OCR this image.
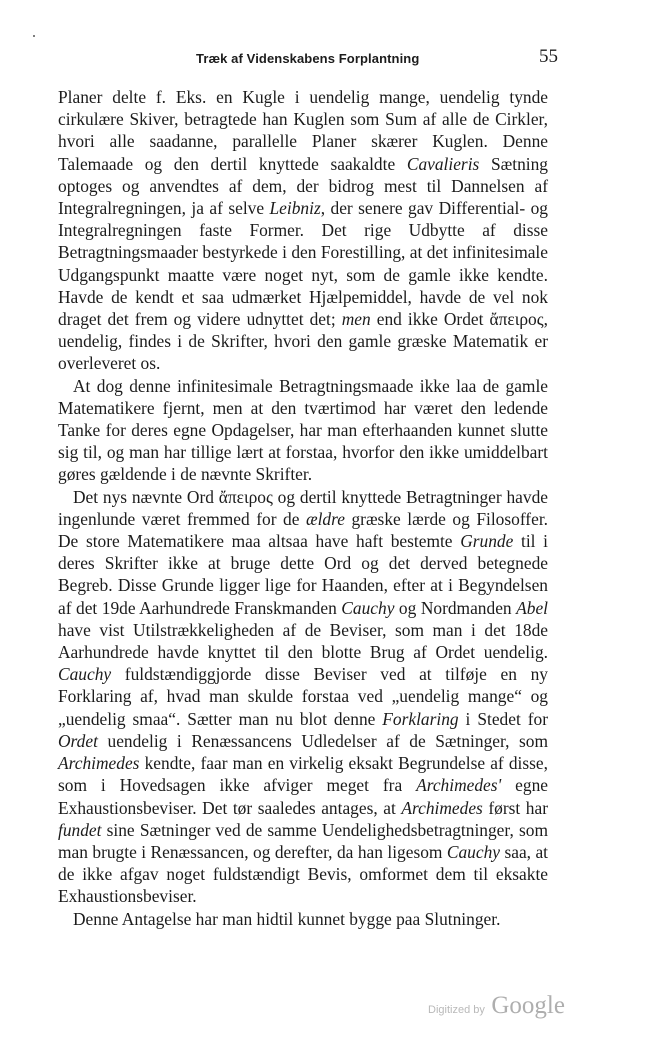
Træk af Videnskabens Forplantning	55

Planer delte f. Eks. en Kugle i uendelig mange, uendelig tynde cirkulære Skiver, betragtede han Kuglen som Sum af alle de Cirkler, hvori alle saadanne, parallelle Planer skærer Kuglen. Denne Talemaade og den dertil knyttede saakaldte Cavalieris Sætning optoges og anvendtes af dem, der bidrog mest til Dannelsen af Integralregningen, ja af selve Leibniz, der senere gav Differential- og Integralregningen faste Former. Det rige Udbytte af disse Betragtningsmaader bestyrkede i den Forestilling, at det infinitesimale Udgangspunkt maatte være noget nyt, som de gamle ikke kendte. Havde de kendt et saa udmærket Hjælpemiddel, havde de vel nok draget det frem og videre udnyttet det; men end ikke Ordet ἄπειρος, uendelig, findes i de Skrifter, hvori den gamle græske Matematik er overleveret os.

At dog denne infinitesimale Betragtningsmaade ikke laa de gamle Matematikere fjernt, men at den tværtimod har været den ledende Tanke for deres egne Opdagelser, har man efterhaanden kunnet slutte sig til, og man har tillige lært at forstaa, hvorfor den ikke umiddelbart gøres gældende i de nævnte Skrifter.

Det nys nævnte Ord ἄπειρος og dertil knyttede Betragtninger havde ingenlunde været fremmed for de ældre græske lærde og Filosoffer. De store Matematikere maa altsaa have haft bestemte Grunde til i deres Skrifter ikke at bruge dette Ord og det derved betegnede Begreb. Disse Grunde ligger lige for Haanden, efter at i Begyndelsen af det 19de Aarhundrede Franskmanden Cauchy og Nordmanden Abel have vist Utilstrækkeligheden af de Beviser, som man i det 18de Aarhundrede havde knyttet til den blotte Brug af Ordet uendelig. Cauchy fuldstændiggjorde disse Beviser ved at tilføje en ny Forklaring af, hvad man skulde forstaa ved „uendelig mange“ og „uendelig smaa“. Sætter man nu blot denne Forklaring i Stedet for Ordet uendelig i Renæssancens Udledelser af de Sætninger, som Archimedes kendte, faar man en virkelig eksakt Begrundelse af disse, som i Hovedsagen ikke afviger meget fra Archimedes' egne Exhaustionsbeviser. Det tør saaledes antages, at Archimedes først har fundet sine Sætninger ved de samme Uendelighedsbetragtninger, som man brugte i Renæssancen, og derefter, da han ligesom Cauchy saa, at de ikke afgav noget fuldstændigt Bevis, omformet dem til eksakte Exhaustionsbeviser.

Denne Antagelse har man hidtil kunnet bygge paa Slutninger.

Digitized by Google
